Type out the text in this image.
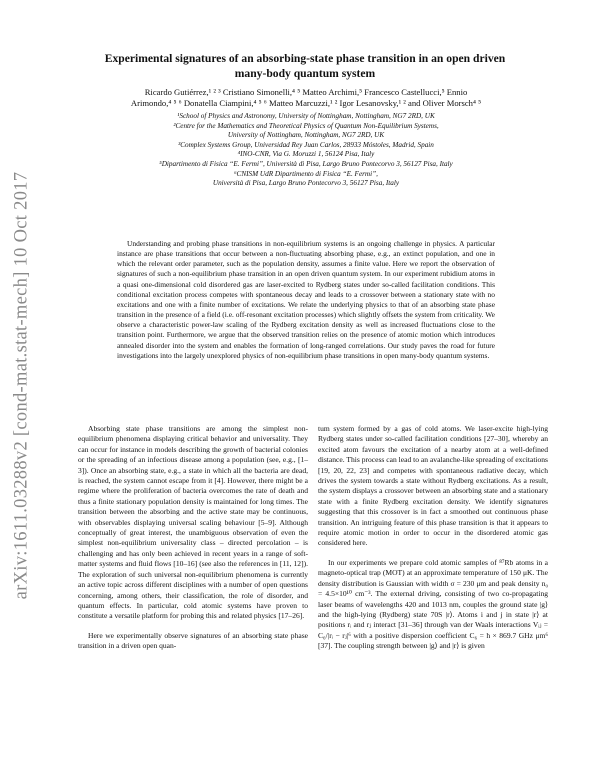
arXiv:1611.03288v2 [cond-mat.stat-mech] 10 Oct 2017
Experimental signatures of an absorbing-state phase transition in an open driven
many-body quantum system
Ricardo Gutiérrez,¹ ² ³ Cristiano Simonelli,⁴ ⁵ Matteo Archimi,⁵ Francesco Castellucci,⁵ Ennio
Arimondo,⁴ ⁵ ⁶ Donatella Ciampini,⁴ ⁵ ⁶ Matteo Marcuzzi,¹ ² Igor Lesanovsky,¹ ² and Oliver Morsch⁴ ⁵
¹School of Physics and Astronomy, University of Nottingham, Nottingham, NG7 2RD, UK
²Centre for the Mathematics and Theoretical Physics of Quantum Non-Equilibrium Systems,
University of Nottingham, Nottingham, NG7 2RD, UK
³Complex Systems Group, Universidad Rey Juan Carlos, 28933 Móstoles, Madrid, Spain
⁴INO-CNR, Via G. Moruzzi 1, 56124 Pisa, Italy
⁵Dipartimento di Fisica “E. Fermi”, Università di Pisa, Largo Bruno Pontecorvo 3, 56127 Pisa, Italy
⁶CNISM UdR Dipartimento di Fisica “E. Fermi”,
Università di Pisa, Largo Bruno Pontecorvo 3, 56127 Pisa, Italy
Understanding and probing phase transitions in non-equilibrium systems is an ongoing challenge in physics. A particular instance are phase transitions that occur between a non-fluctuating absorbing phase, e.g., an extinct population, and one in which the relevant order parameter, such as the population density, assumes a finite value. Here we report the observation of signatures of such a non-equilibrium phase transition in an open driven quantum system. In our experiment rubidium atoms in a quasi one-dimensional cold disordered gas are laser-excited to Rydberg states under so-called facilitation conditions. This conditional excitation process competes with spontaneous decay and leads to a crossover between a stationary state with no excitations and one with a finite number of excitations. We relate the underlying physics to that of an absorbing state phase transition in the presence of a field (i.e. off-resonant excitation processes) which slightly offsets the system from criticality. We observe a characteristic power-law scaling of the Rydberg excitation density as well as increased fluctuations close to the transition point. Furthermore, we argue that the observed transition relies on the presence of atomic motion which introduces annealed disorder into the system and enables the formation of long-ranged correlations. Our study paves the road for future investigations into the largely unexplored physics of non-equilibrium phase transitions in open many-body quantum systems.

Absorbing state phase transitions are among the simplest non-equilibrium phenomena displaying critical behavior and universality. They can occur for instance in models describing the growth of bacterial colonies or the spreading of an infectious disease among a population (see, e.g., [1–3]). Once an absorbing state, e.g., a state in which all the bacteria are dead, is reached, the system cannot escape from it [4]. However, there might be a regime where the proliferation of bacteria overcomes the rate of death and thus a finite stationary population density is maintained for long times. The transition between the absorbing and the active state may be continuous, with observables displaying universal scaling behaviour [5–9]. Although conceptually of great interest, the unambiguous observation of even the simplest non-equilibrium universality class – directed percolation – is challenging and has only been achieved in recent years in a range of soft-matter systems and fluid flows [10–16] (see also the references in [11, 12]). The exploration of such universal non-equilibrium phenomena is currently an active topic across different disciplines with a number of open questions concerning, among others, their classification, the role of disorder, and quantum effects. In particular, cold atomic systems have proven to constitute a versatile platform for probing this and related physics [17–26].

Here we experimentally observe signatures of an absorbing state phase transition in a driven open quan-

tum system formed by a gas of cold atoms. We laser-excite high-lying Rydberg states under so-called facilitation conditions [27–30], whereby an excited atom favours the excitation of a nearby atom at a well-defined distance. This process can lead to an avalanche-like spreading of excitations [19, 20, 22, 23] and competes with spontaneous radiative decay, which drives the system towards a state without Rydberg excitations. As a result, the system displays a crossover between an absorbing state and a stationary state with a finite Rydberg excitation density. We identify signatures suggesting that this crossover is in fact a smoothed out continuous phase transition. An intriguing feature of this phase transition is that it appears to require atomic motion in order to occur in the disordered atomic gas considered here.

In our experiments we prepare cold atomic samples of ⁸⁷Rb atoms in a magneto-optical trap (MOT) at an approximate temperature of 150 μK. The density distribution is Gaussian with width σ = 230 μm and peak density n₀ = 4.5×10¹⁰ cm⁻³. The external driving, consisting of two co-propagating laser beams of wavelengths 420 and 1013 nm, couples the ground state |g⟩ and the high-lying (Rydberg) state 70S |r⟩. Atoms i and j in state |r⟩ at positions rᵢ and rⱼ interact [31–36] through van der Waals interactions Vᵢⱼ = C₆/|rᵢ − rⱼ|⁶ with a positive dispersion coefficient C₆ = h × 869.7 GHz μm⁶ [37]. The coupling strength between |g⟩ and |r⟩ is given
